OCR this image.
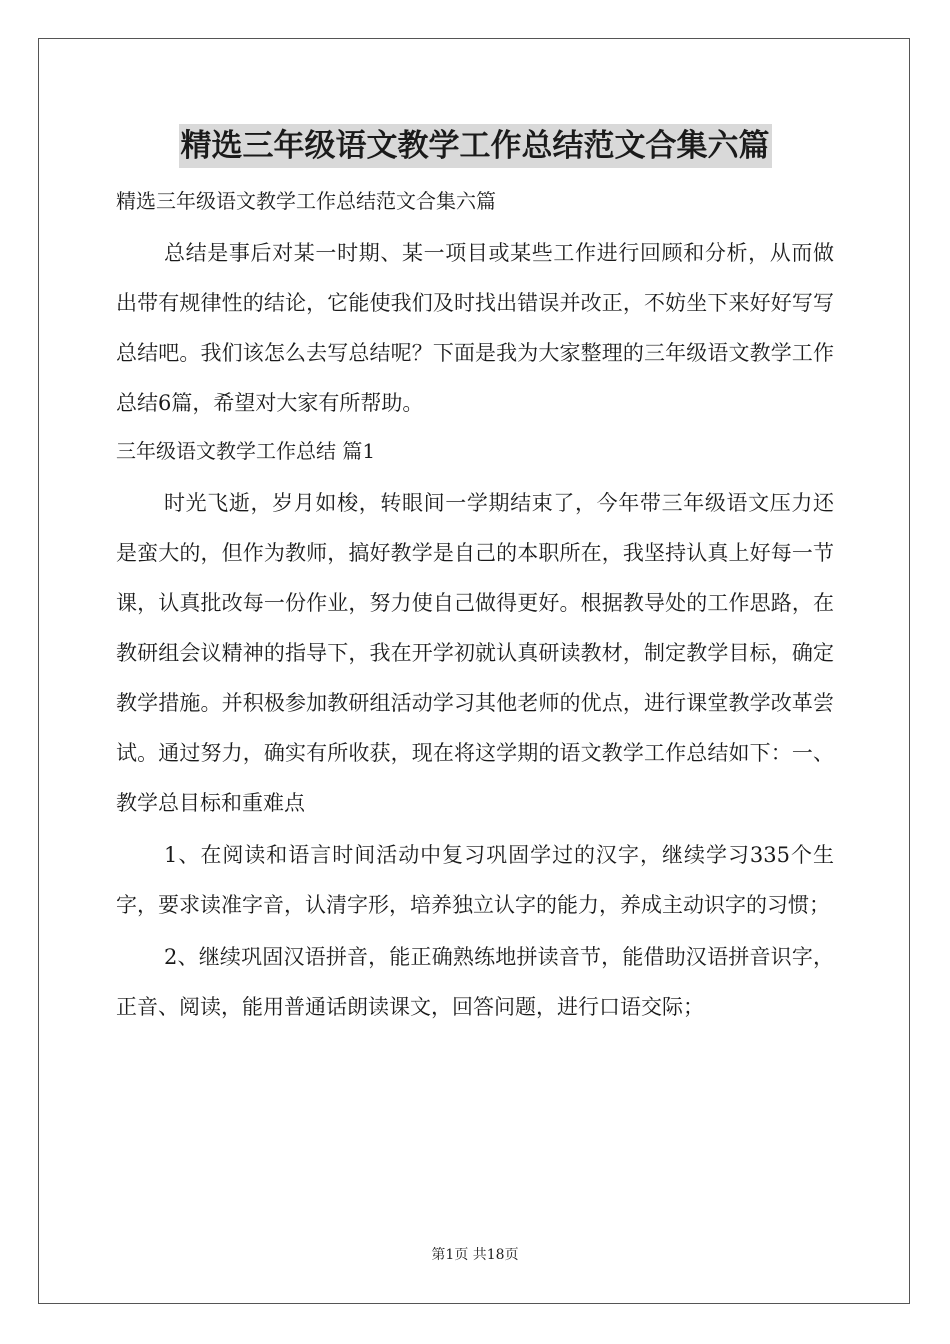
精选三年级语文教学工作总结范文合集六篇

精选三年级语文教学工作总结范文合集六篇

总结是事后对某一时期、某一项目或某些工作进行回顾和分析，从而做出带有规律性的结论，它能使我们及时找出错误并改正，不妨坐下来好好写写总结吧。我们该怎么去写总结呢？下面是我为大家整理的三年级语文教学工作总结6篇，希望对大家有所帮助。

三年级语文教学工作总结 篇1

时光飞逝，岁月如梭，转眼间一学期结束了，今年带三年级语文压力还是蛮大的，但作为教师，搞好教学是自己的本职所在，我坚持认真上好每一节课，认真批改每一份作业，努力使自己做得更好。根据教导处的工作思路，在教研组会议精神的指导下，我在开学初就认真研读教材，制定教学目标，确定教学措施。并积极参加教研组活动学习其他老师的优点，进行课堂教学改革尝试。通过努力，确实有所收获，现在将这学期的语文教学工作总结如下：一、教学总目标和重难点

1、在阅读和语言时间活动中复习巩固学过的汉字，继续学习335个生字，要求读准字音，认清字形，培养独立认字的能力，养成主动识字的习惯；

2、继续巩固汉语拼音，能正确熟练地拼读音节，能借助汉语拼音识字，正音、阅读，能用普通话朗读课文，回答问题，进行口语交际；

第1页 共18页
